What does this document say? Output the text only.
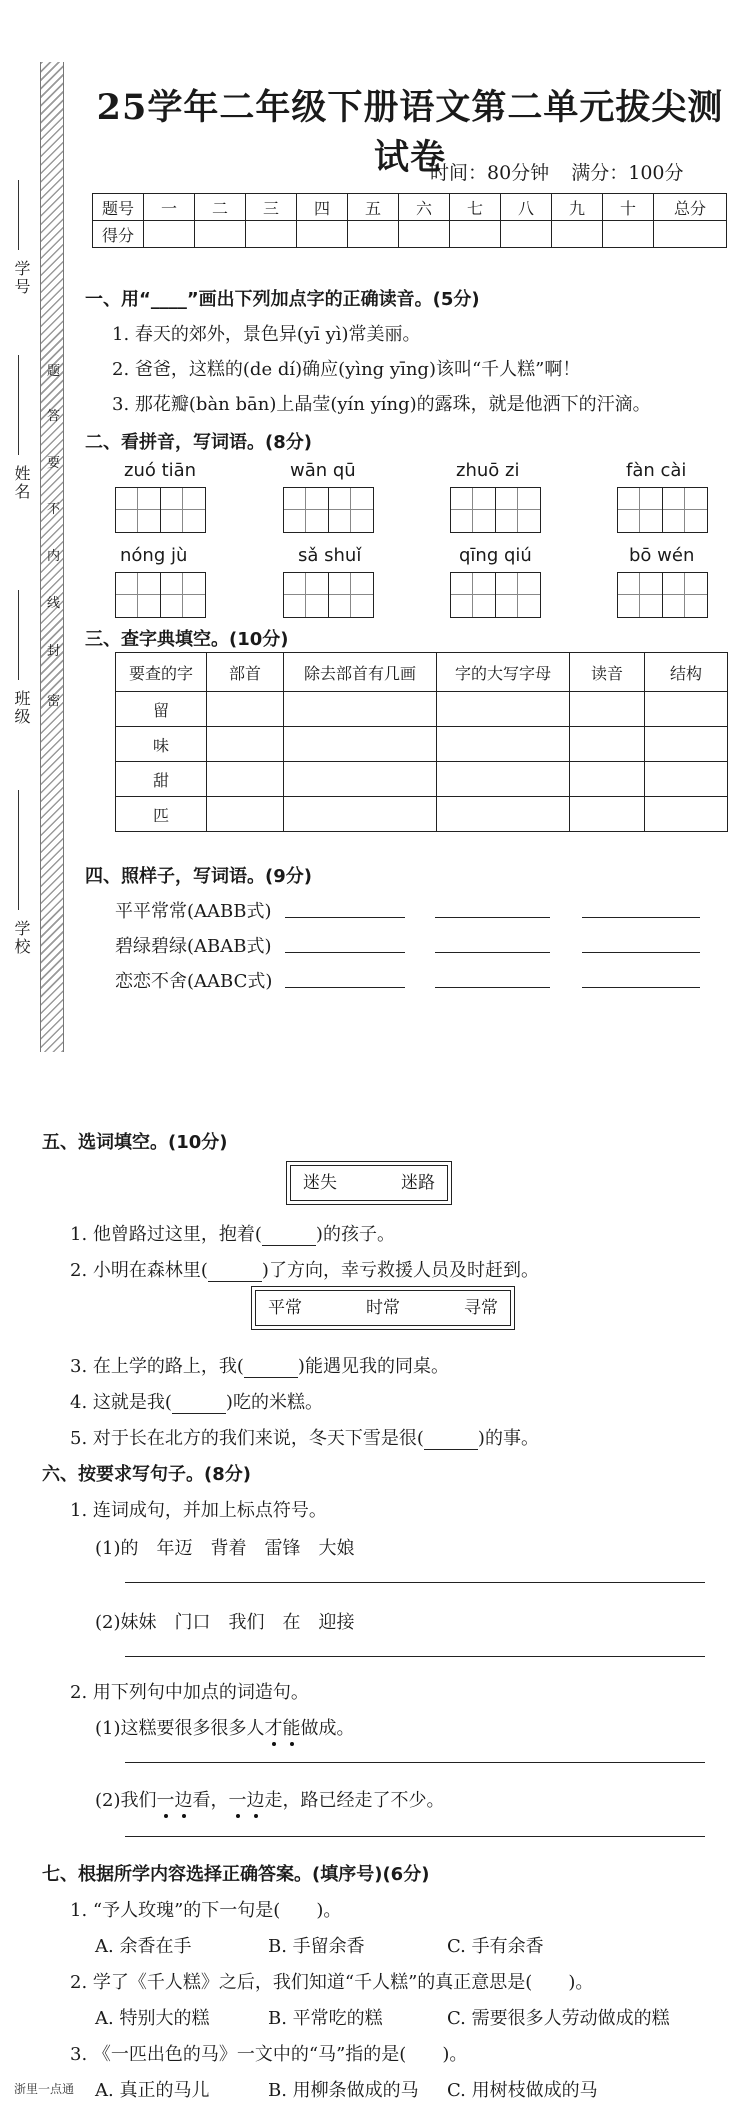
学号
姓名
班级
学校
题
答
要
不
内
线
封
密
25学年二年级下册语文第二单元拔尖测试卷
时间：80分钟 满分：100分
题号	一	二	三	四	五	六	七	八	九	十	总分
得分											
一、用“____”画出下列加点字的正确读音。(5分)
1. 春天的郊外，景色异(yī yì)常美丽。
2. 爸爸，这糕的(de dí)确应(yìng yīng)该叫“千人糕”啊！
3. 那花瓣(bàn bān)上晶莹(yín yíng)的露珠，就是他洒下的汗滴。
二、看拼音，写词语。(8分)
zuó tiān	wān qū	zhuō zi	fàn cài
nóng jù	sǎ shuǐ	qīng qiú	bō wén
三、查字典填空。(10分)
要查的字	部首	除去部首有几画	字的大写字母	读音	结构
留					
味					
甜					
匹					
四、照样子，写词语。(9分)
平平常常(AABB式)
碧绿碧绿(ABAB式)
恋恋不舍(AABC式)
五、选词填空。(10分)
迷失	迷路
1. 他曾路过这里，抱着(	)的孩子。
2. 小明在森林里(	)了方向，幸亏救援人员及时赶到。
平常	时常	寻常
3. 在上学的路上，我(	)能遇见我的同桌。
4. 这就是我(	)吃的米糕。
5. 对于长在北方的我们来说，冬天下雪是很(	)的事。
六、按要求写句子。(8分)
1. 连词成句，并加上标点符号。
(1)的　年迈　背着　雷锋　大娘
(2)妹妹　门口　我们　在　迎接
2. 用下列句中加点的词造句。
(1)这糕要很多很多人才能做成。
(2)我们一边看，一边走，路已经走了不少。
七、根据所学内容选择正确答案。(填序号)(6分)
1. “予人玫瑰”的下一句是(　　)。
A. 余香在手	B. 手留余香	C. 手有余香
2. 学了《千人糕》之后，我们知道“千人糕”的真正意思是(　　)。
A. 特别大的糕	B. 平常吃的糕	C. 需要很多人劳动做成的糕
3. 《一匹出色的马》一文中的“马”指的是(　　)。
A. 真正的马儿	B. 用柳条做成的马 C. 用树枝做成的马
浙里一点通
